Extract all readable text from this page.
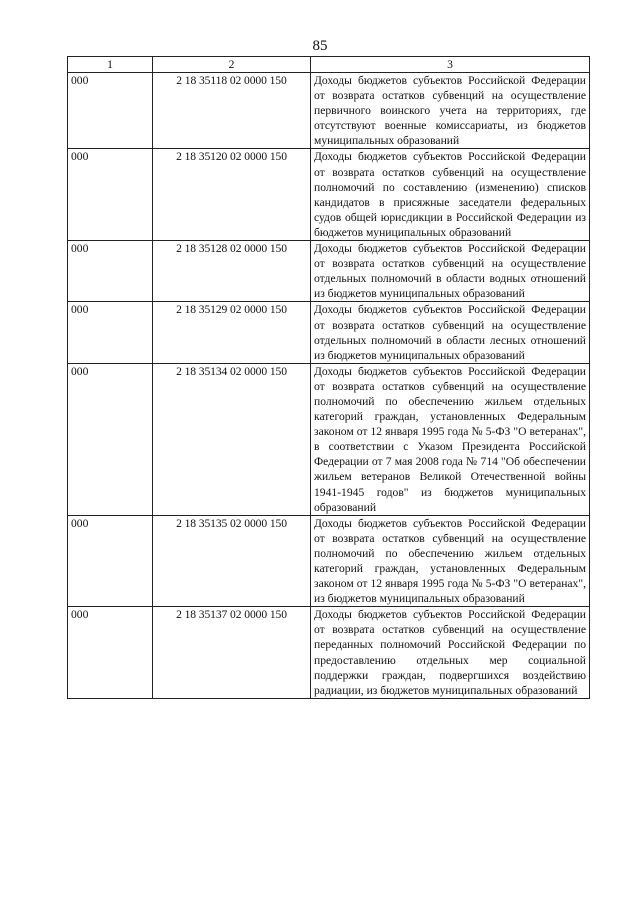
85
1	2	3
000	2 18 35118 02 0000 150	Доходы бюджетов субъектов Российской Федерации от возврата остатков субвенций на осуществление первичного воинского учета на территориях, где отсутствуют военные комиссариаты, из бюджетов муниципальных образований
000	2 18 35120 02 0000 150	Доходы бюджетов субъектов Российской Федерации от возврата остатков субвенций на осуществление полномочий по составлению (изменению) списков кандидатов в присяжные заседатели федеральных судов общей юрисдикции в Российской Федерации из бюджетов муниципальных образований
000	2 18 35128 02 0000 150	Доходы бюджетов субъектов Российской Федерации от возврата остатков субвенций на осуществление отдельных полномочий в области водных отношений из бюджетов муниципальных образований
000	2 18 35129 02 0000 150	Доходы бюджетов субъектов Российской Федерации от возврата остатков субвенций на осуществление отдельных полномочий в области лесных отношений из бюджетов муниципальных образований
000	2 18 35134 02 0000 150	Доходы бюджетов субъектов Российской Федерации от возврата остатков субвенций на осуществление полномочий по обеспечению жильем отдельных категорий граждан, установленных Федеральным законом от 12 января 1995 года № 5-ФЗ "О ветеранах", в соответствии с Указом Президента Российской Федерации от 7 мая 2008 года № 714 "Об обеспечении жильем ветеранов Великой Отечественной войны 1941-1945 годов" из бюджетов муниципальных образований
000	2 18 35135 02 0000 150	Доходы бюджетов субъектов Российской Федерации от возврата остатков субвенций на осуществление полномочий по обеспечению жильем отдельных категорий граждан, установленных Федеральным законом от 12 января 1995 года № 5-ФЗ "О ветеранах", из бюджетов муниципальных образований
000	2 18 35137 02 0000 150	Доходы бюджетов субъектов Российской Федерации от возврата остатков субвенций на осуществление переданных полномочий Российской Федерации по предоставлению отдельных мер социальной поддержки граждан, подвергшихся воздействию радиации, из бюджетов муниципальных образований
